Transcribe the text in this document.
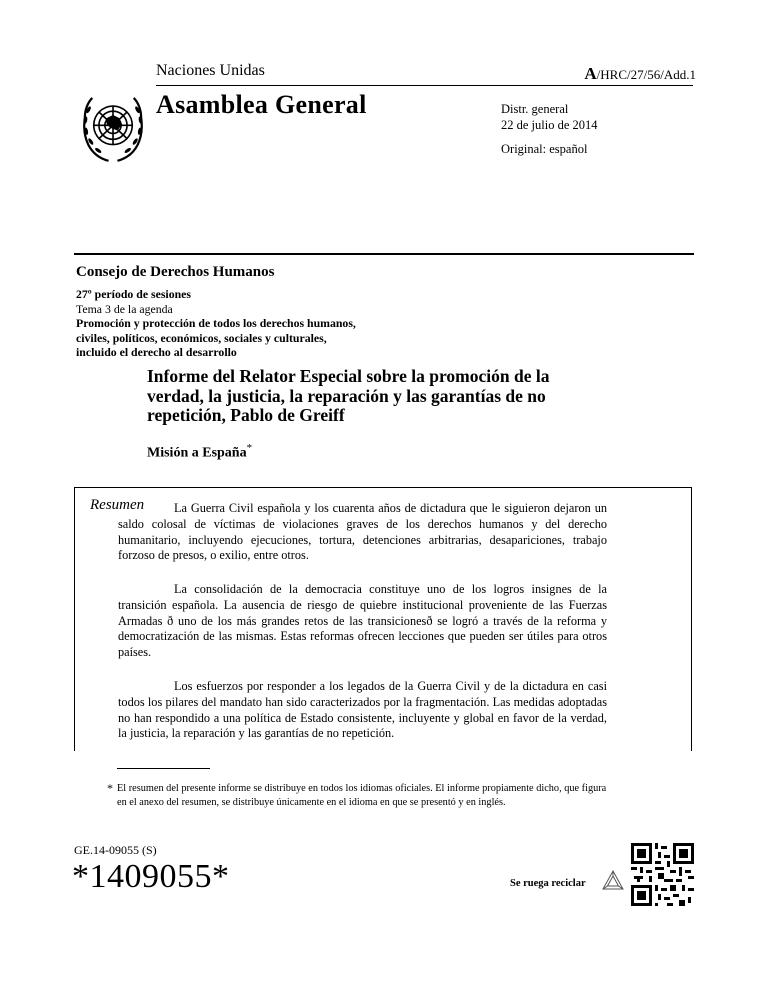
Naciones Unidas	A/HRC/27/56/Add.1
Asamblea General	Distr. general
22 de julio de 2014
Original: español
Consejo de Derechos Humanos
27º período de sesiones
Tema 3 de la agenda
Promoción y protección de todos los derechos humanos,
civiles, políticos, económicos, sociales y culturales,
incluido el derecho al desarrollo
Informe del Relator Especial sobre la promoción de la verdad, la justicia, la reparación y las garantías de no repetición, Pablo de Greiff
Misión a España*
Resumen	La Guerra Civil española y los cuarenta años de dictadura que le siguieron dejaron un saldo colosal de víctimas de violaciones graves de los derechos humanos y del derecho humanitario, incluyendo ejecuciones, tortura, detenciones arbitrarias, desapariciones, trabajo forzoso de presos, o exilio, entre otros.

La consolidación de la democracia constituye uno de los logros insignes de la transición española. La ausencia de riesgo de quiebre institucional proveniente de las Fuerzas Armadas ð uno de los más grandes retos de las transicionesð se logró a través de la reforma y democratización de las mismas. Estas reformas ofrecen lecciones que pueden ser útiles para otros países.

Los esfuerzos por responder a los legados de la Guerra Civil y de la dictadura en casi todos los pilares del mandato han sido caracterizados por la fragmentación. Las medidas adoptadas no han respondido a una política de Estado consistente, incluyente y global en favor de la verdad, la justicia, la reparación y las garantías de no repetición.

* El resumen del presente informe se distribuye en todos los idiomas oficiales. El informe propiamente dicho, que figura en el anexo del resumen, se distribuye únicamente en el idioma en que se presentó y en inglés.
GE.14-09055 (S)
*1409055*	Se ruega reciclar
